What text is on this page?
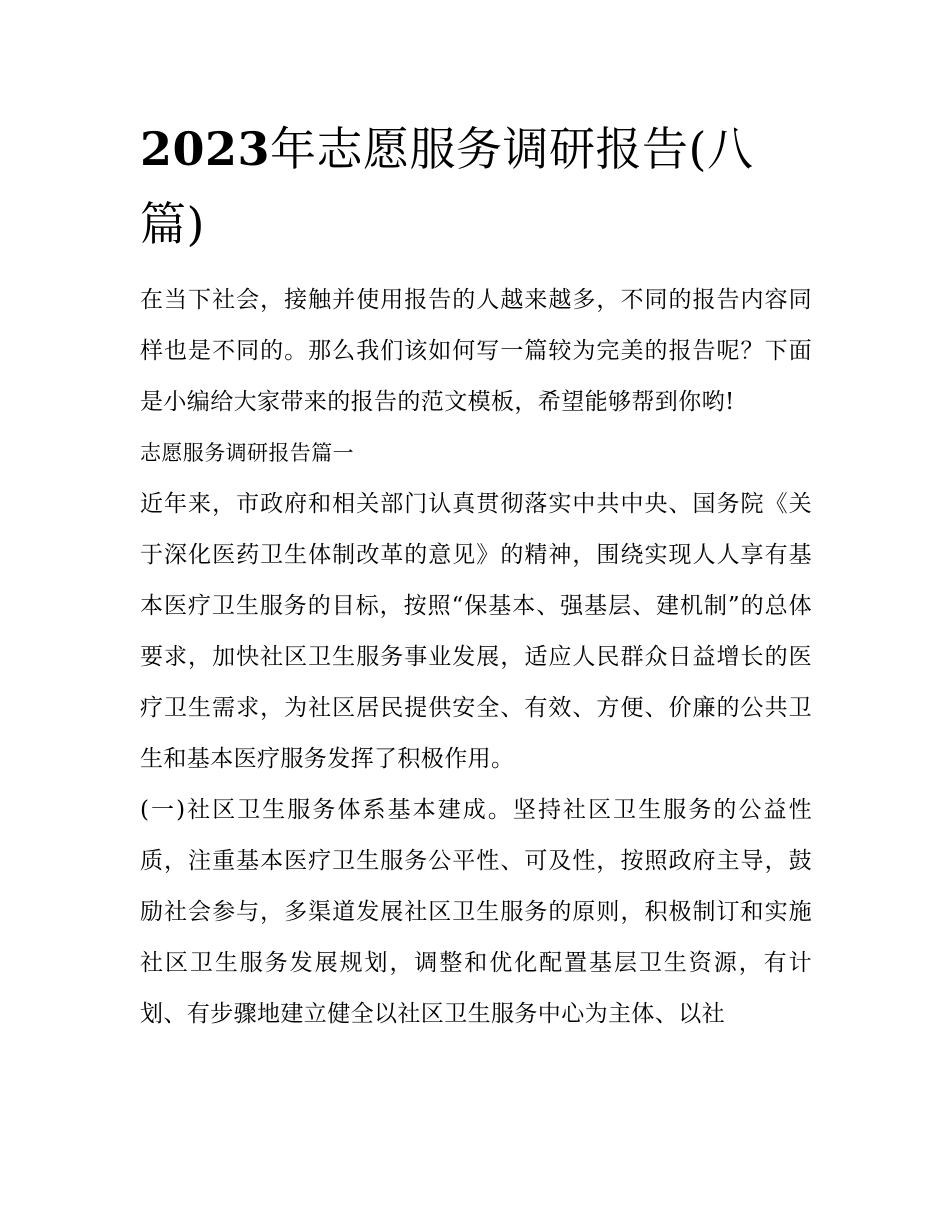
2023年志愿服务调研报告(八篇)

在当下社会，接触并使用报告的人越来越多，不同的报告内容同样也是不同的。那么我们该如何写一篇较为完美的报告呢？下面是小编给大家带来的报告的范文模板，希望能够帮到你哟!

志愿服务调研报告篇一

近年来，市政府和相关部门认真贯彻落实中共中央、国务院《关于深化医药卫生体制改革的意见》的精神，围绕实现人人享有基本医疗卫生服务的目标，按照“保基本、强基层、建机制”的总体要求，加快社区卫生服务事业发展，适应人民群众日益增长的医疗卫生需求，为社区居民提供安全、有效、方便、价廉的公共卫生和基本医疗服务发挥了积极作用。

(一)社区卫生服务体系基本建成。坚持社区卫生服务的公益性质，注重基本医疗卫生服务公平性、可及性，按照政府主导，鼓励社会参与，多渠道发展社区卫生服务的原则，积极制订和实施社区卫生服务发展规划，调整和优化配置基层卫生资源，有计划、有步骤地建立健全以社区卫生服务中心为主体、以社
